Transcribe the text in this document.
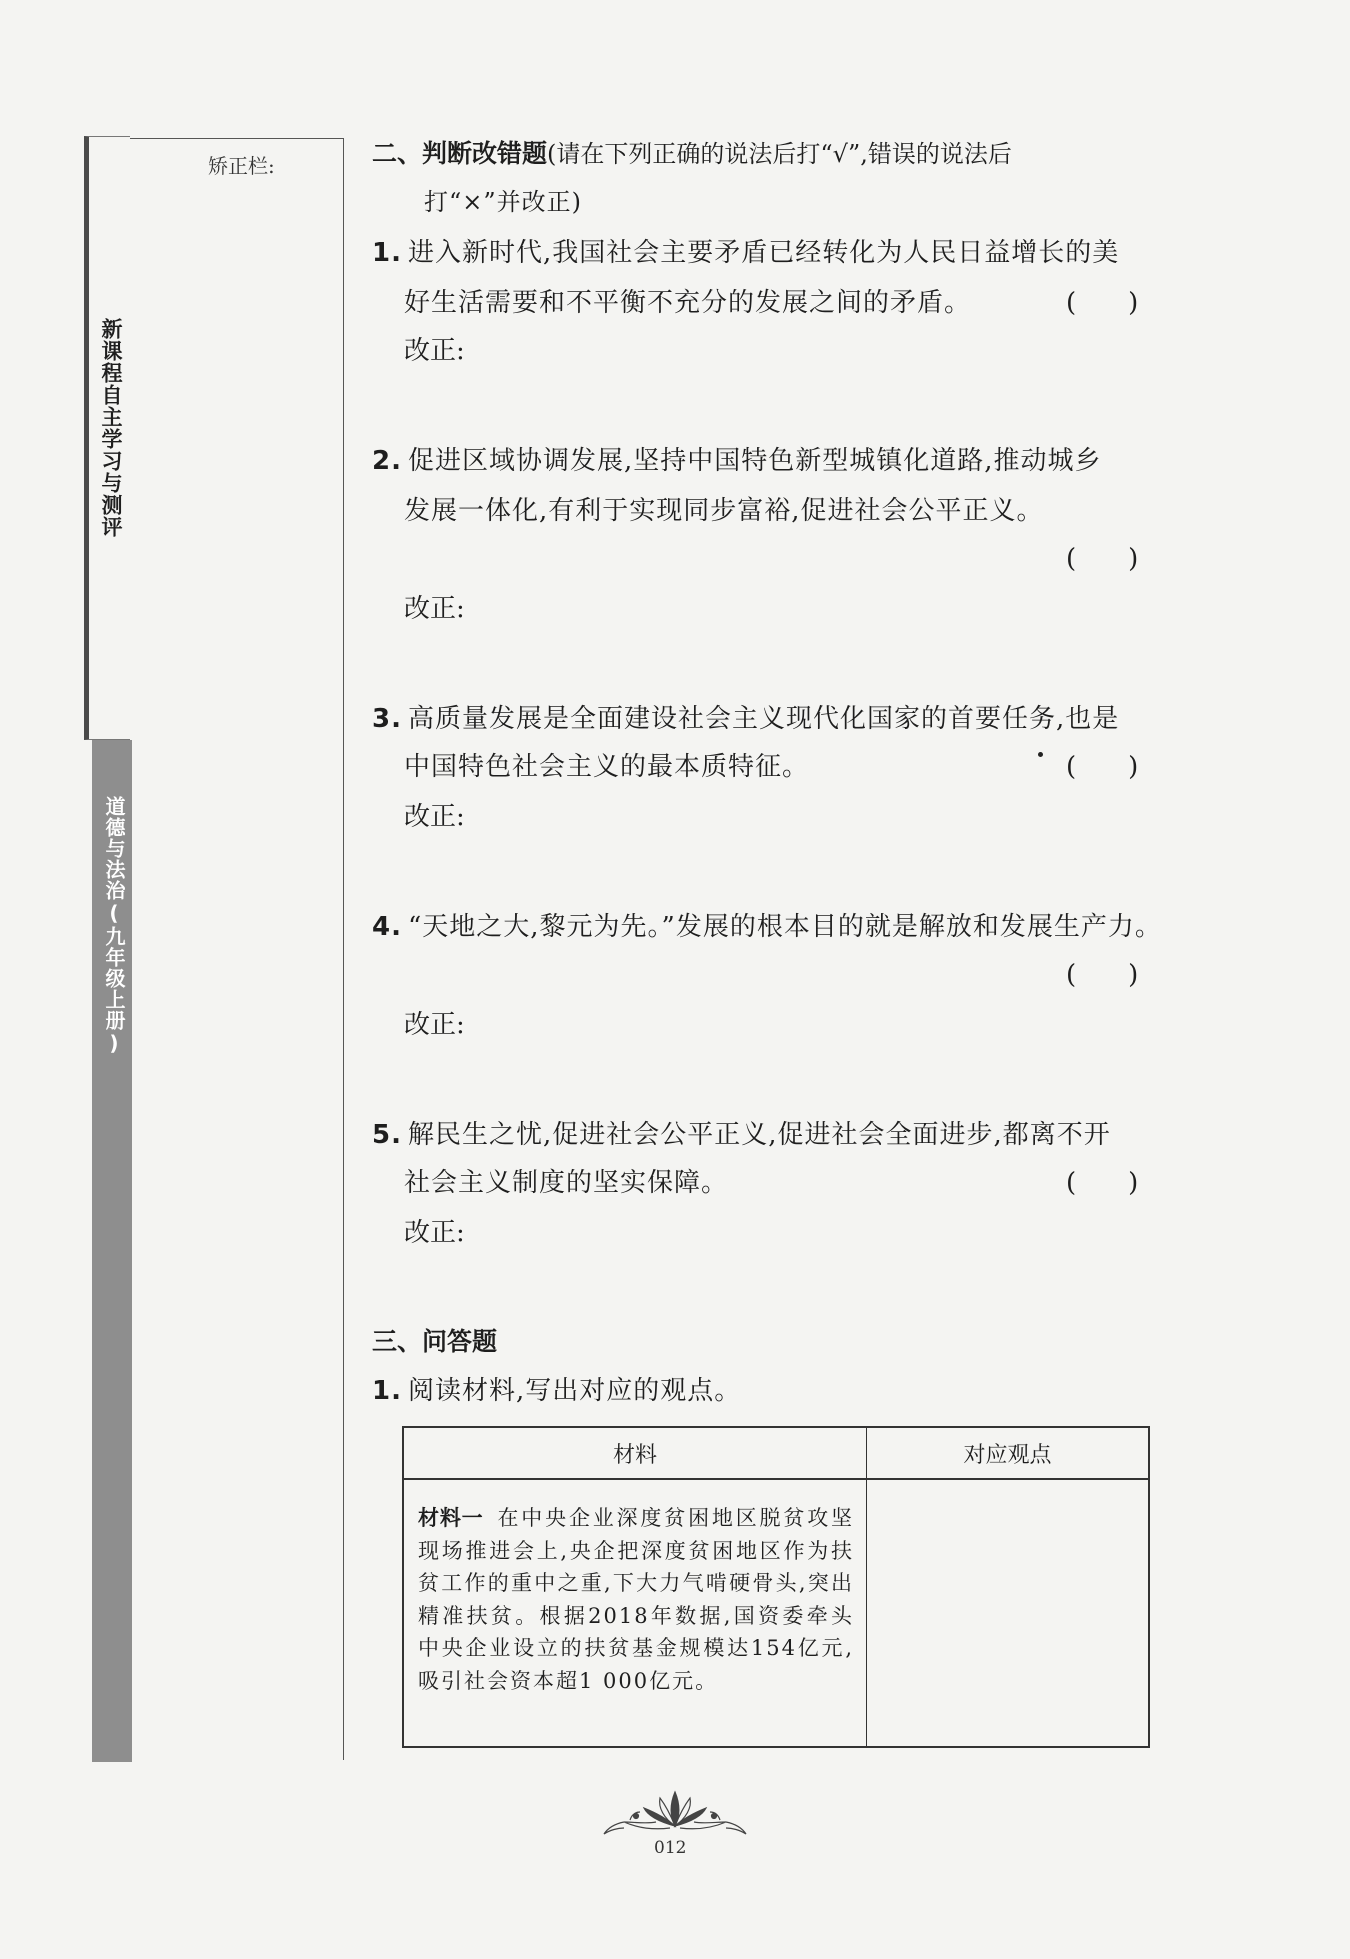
新课程自主学习与测评
道德与法治(九年级上册)
矫正栏:	二、判断改错题(请在下列正确的说法后打“√”,错误的说法后
打“×”并改正)
1. 进入新时代,我国社会主要矛盾已经转化为人民日益增长的美
好生活需要和不平衡不充分的发展之间的矛盾。	(　　)
改正:
2. 促进区域协调发展,坚持中国特色新型城镇化道路,推动城乡
发展一体化,有利于实现同步富裕,促进社会公平正义。
(　　)
改正:
3. 高质量发展是全面建设社会主义现代化国家的首要任务,也是
中国特色社会主义的最本质特征。	(　　)
改正:
4. “天地之大,黎元为先。”发展的根本目的就是解放和发展生产力。
(　　)
改正:
5. 解民生之忧,促进社会公平正义,促进社会全面进步,都离不开
社会主义制度的坚实保障。	(　　)
改正:
三、问答题
1. 阅读材料,写出对应的观点。
材料	对应观点
材料一 在中央企业深度贫困地区脱贫攻坚现场推进会上,央企把深度贫困地区作为扶贫工作的重中之重,下大力气啃硬骨头,突出精准扶贫。根据2018年数据,国资委牵头中央企业设立的扶贫基金规模达154亿元,吸引社会资本超1 000亿元。	
012
